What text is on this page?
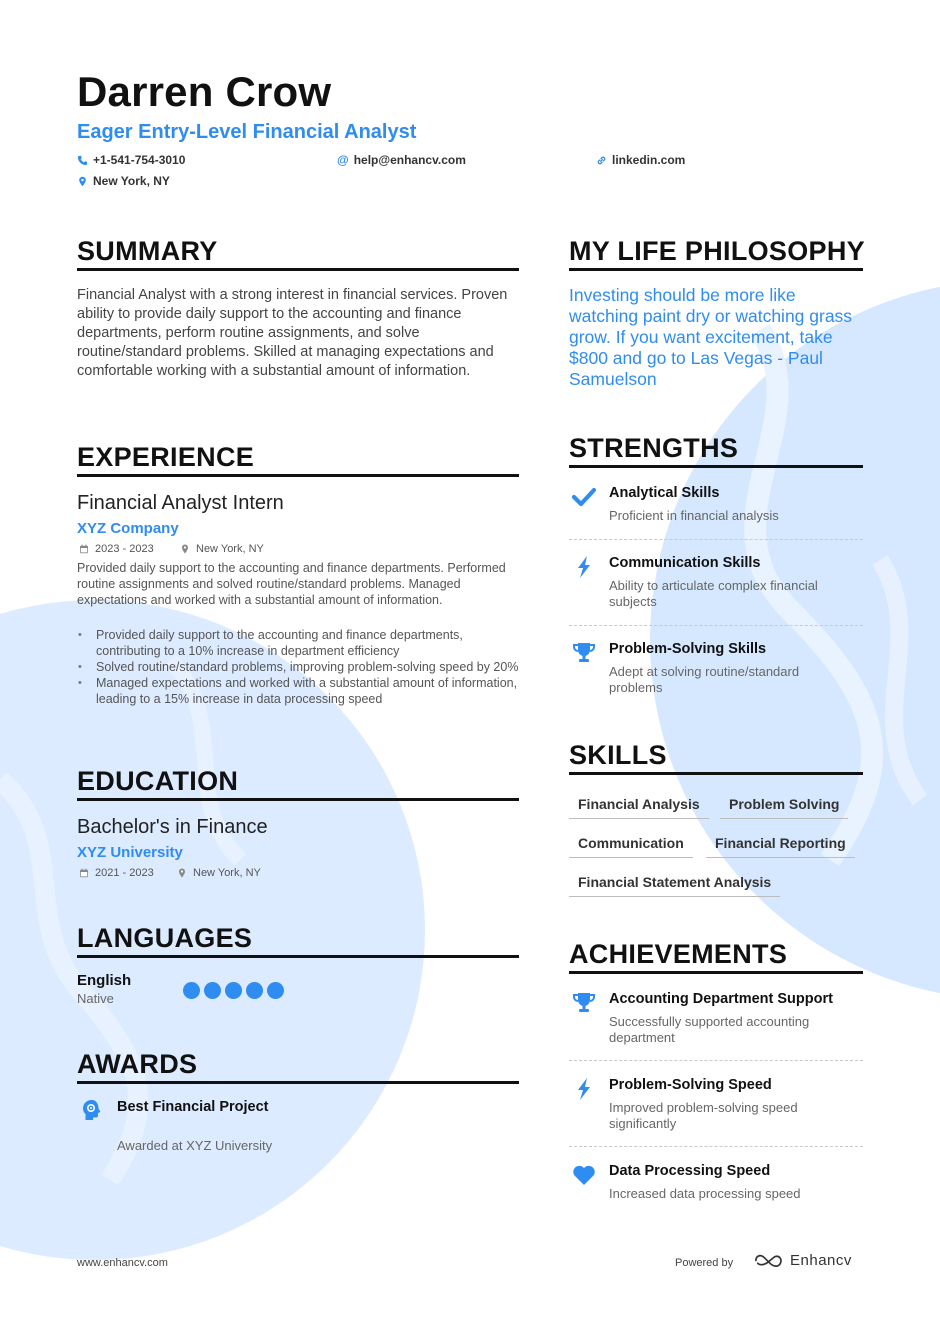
Darren Crow
Eager Entry-Level Financial Analyst
+1-541-754-3010	@ help@enhancv.com	linkedin.com
New York, NY
SUMMARY
Financial Analyst with a strong interest in financial services. Proven ability to provide daily support to the accounting and finance departments, perform routine assignments, and solve routine/standard problems. Skilled at managing expectations and comfortable working with a substantial amount of information.
EXPERIENCE
Financial Analyst Intern
XYZ Company
2023 - 2023	New York, NY
Provided daily support to the accounting and finance departments. Performed routine assignments and solved routine/standard problems. Managed expectations and worked with a substantial amount of information.
• Provided daily support to the accounting and finance departments, contributing to a 10% increase in department efficiency
• Solved routine/standard problems, improving problem-solving speed by 20%
• Managed expectations and worked with a substantial amount of information, leading to a 15% increase in data processing speed
EDUCATION
Bachelor's in Finance
XYZ University
2021 - 2023	New York, NY
LANGUAGES
English
Native
AWARDS
Best Financial Project
Awarded at XYZ University
MY LIFE PHILOSOPHY
Investing should be more like watching paint dry or watching grass grow. If you want excitement, take $800 and go to Las Vegas - Paul Samuelson
STRENGTHS
Analytical Skills
Proficient in financial analysis
Communication Skills
Ability to articulate complex financial subjects
Problem-Solving Skills
Adept at solving routine/standard problems
SKILLS
Financial Analysis	Problem Solving
Communication	Financial Reporting
Financial Statement Analysis
ACHIEVEMENTS
Accounting Department Support
Successfully supported accounting department
Problem-Solving Speed
Improved problem-solving speed significantly
Data Processing Speed
Increased data processing speed
www.enhancv.com	Powered by	Enhancv
